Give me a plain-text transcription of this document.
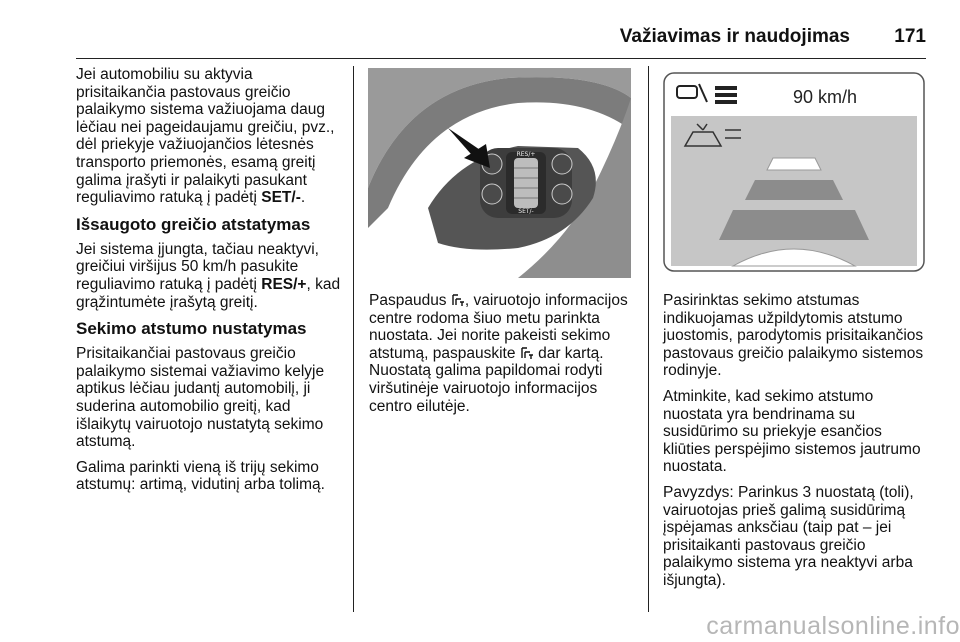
Važiavimas ir naudojimas	171

Jei automobiliu su aktyvia prisitaikančia pastovaus greičio palaikymo sistema važiuojama daug lėčiau nei pageidaujamu greičiu, pvz., dėl priekyje važiuojančios lėtesnės transporto priemonės, esamą greitį galima įrašyti ir palaikyti pasukant reguliavimo ratuką į padėtį SET/-.

Išsaugoto greičio atstatymas

Jei sistema įjungta, tačiau neaktyvi, greičiui viršijus 50 km/h pasukite reguliavimo ratuką į padėtį RES/+, kad grąžintumėte įrašytą greitį.

Sekimo atstumo nustatymas

Prisitaikančiai pastovaus greičio palaikymo sistemai važiavimo kelyje aptikus lėčiau judantį automobilį, ji suderina automobilio greitį, kad išlaikytų vairuotojo nustatytą sekimo atstumą.

Galima parinkti vieną iš trijų sekimo atstumų: artimą, vidutinį arba tolimą.

RES/+
SET/-

Paspaudus , vairuotojo informacijos centre rodoma šiuo metu parinkta nuostata. Jei norite pakeisti sekimo atstumą, paspauskite  dar kartą. Nuostatą galima papildomai rodyti viršutinėje vairuotojo informacijos centro eilutėje.

90 km/h

Pasirinktas sekimo atstumas indikuojamas užpildytomis atstumo juostomis, parodytomis prisitaikančios pastovaus greičio palaikymo sistemos rodinyje.

Atminkite, kad sekimo atstumo nuostata yra bendrinama su susidūrimo su priekyje esančios kliūties perspėjimo sistemos jautrumo nuostata.

Pavyzdys: Parinkus 3 nuostatą (toli), vairuotojas prieš galimą susidūrimą įspėjamas anksčiau (taip pat – jei prisitaikanti pastovaus greičio palaikymo sistema yra neaktyvi arba išjungta).

carmanualsonline.info
